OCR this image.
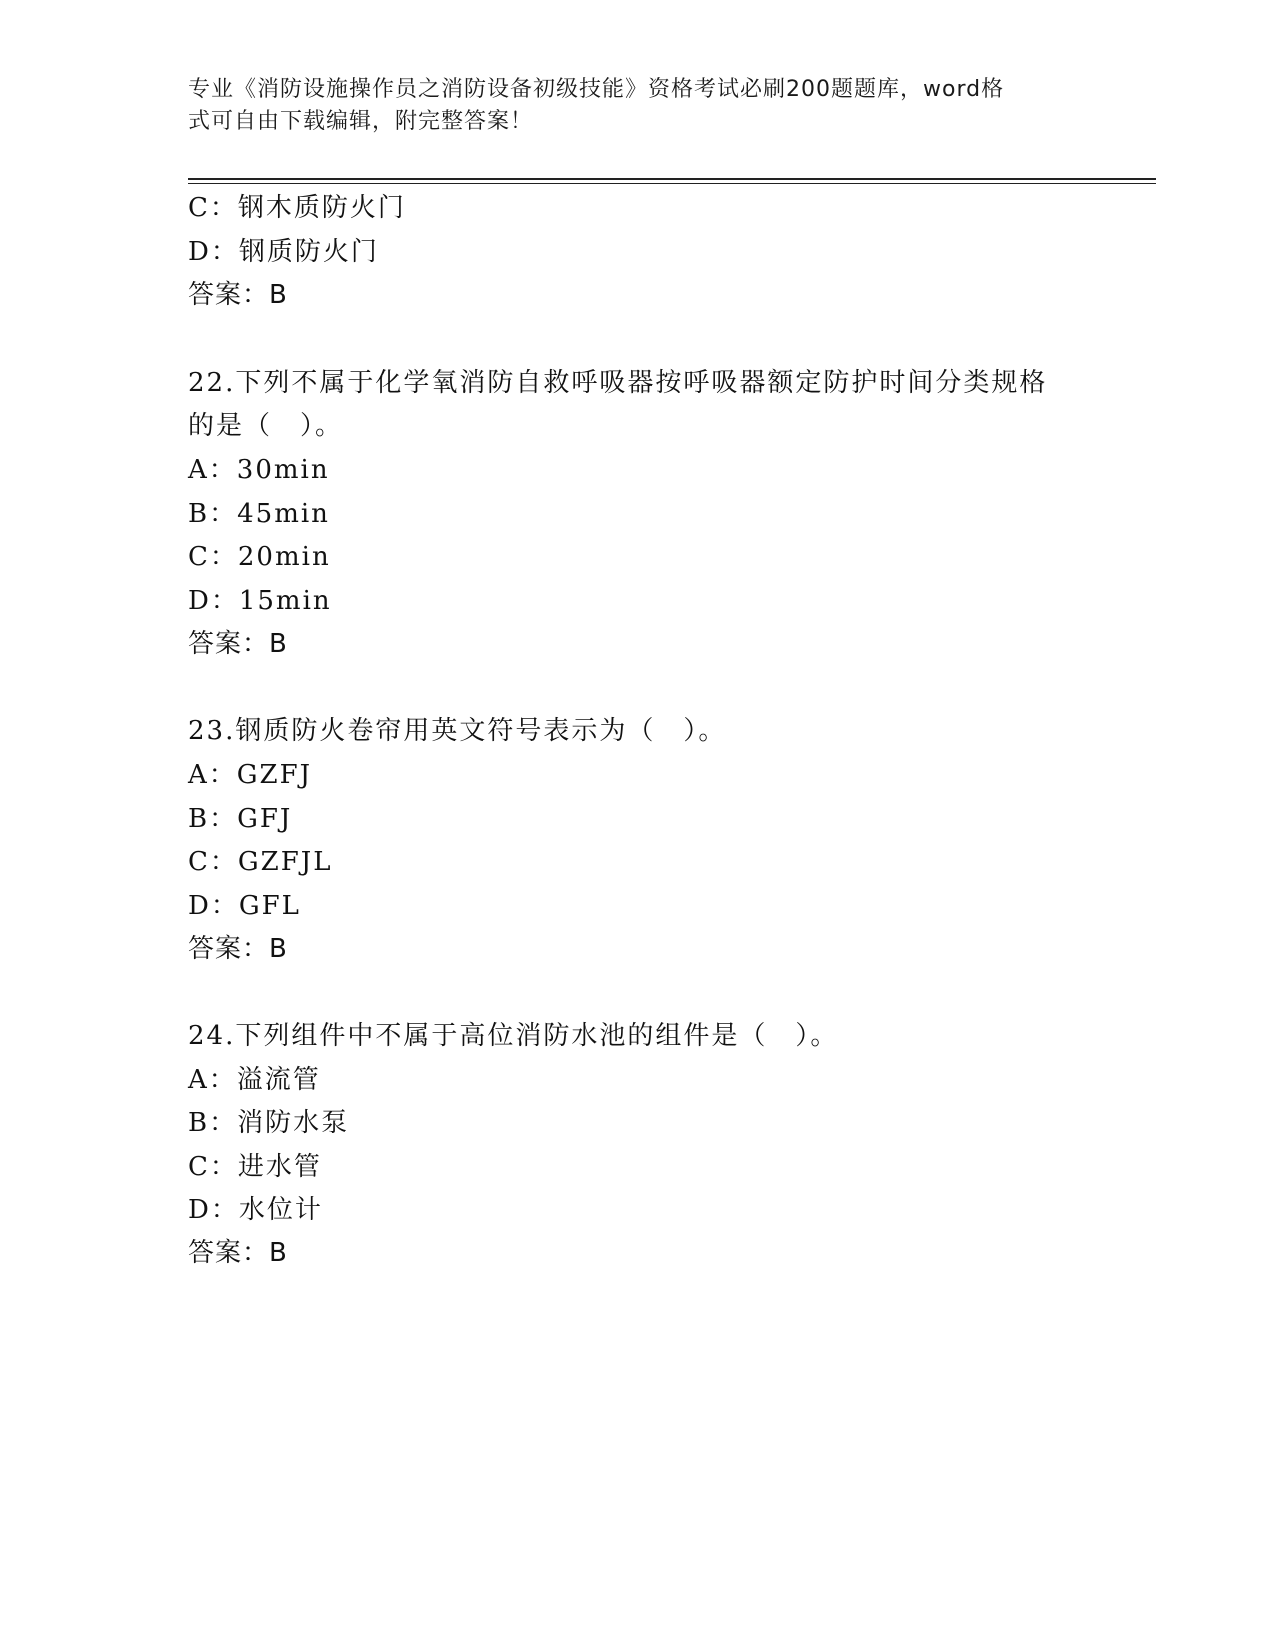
专业《消防设施操作员之消防设备初级技能》资格考试必刷200题题库，word格
式可自由下载编辑，附完整答案！
C：钢木质防火门
D：钢质防火门
答案：B
22.下列不属于化学氧消防自救呼吸器按呼吸器额定防护时间分类规格
的是（　）。
A：30min
B：45min
C：20min
D：15min
答案：B
23.钢质防火卷帘用英文符号表示为（　）。
A：GZFJ
B：GFJ
C：GZFJL
D：GFL
答案：B
24.下列组件中不属于高位消防水池的组件是（　）。
A：溢流管
B：消防水泵
C：进水管
D：水位计
答案：B
